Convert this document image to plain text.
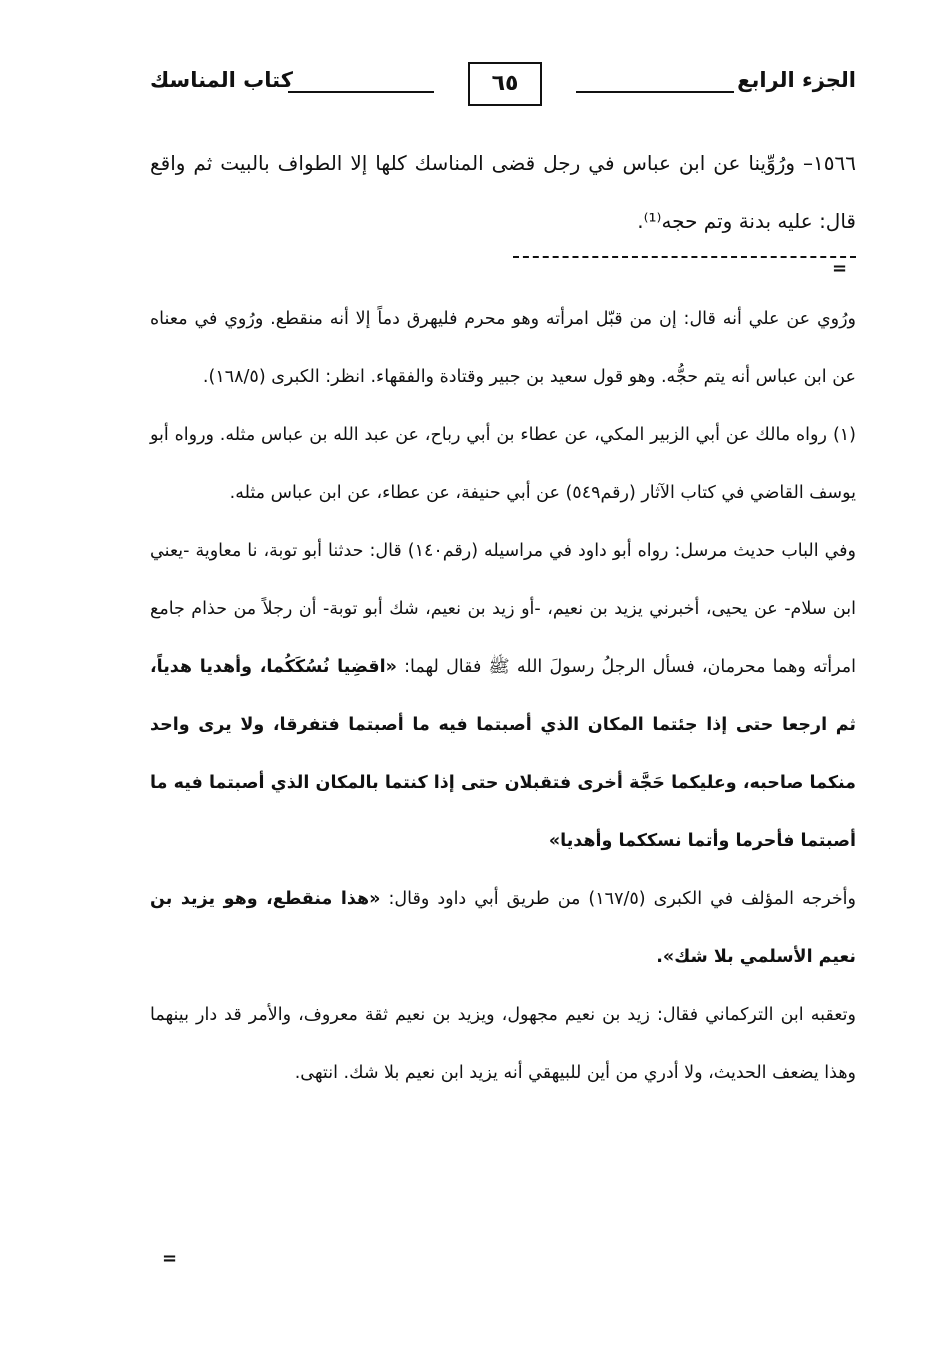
الجزء الرابع
٦٥
كتاب المناسك

١٥٦٦– ورُوِّينا عن ابن عباس في رجل قضى المناسك كلها إلا الطواف بالبيت ثم واقع قال: عليه بدنة وتم حجه⁽¹⁾.

=

ورُوي عن علي أنه قال: إن من قبّل امرأته وهو محرم فليهرق دماً إلا أنه منقطع. ورُوي في معناه عن ابن عباس أنه يتم حجُّه. وهو قول سعيد بن جبير وقتادة والفقهاء. انظر: الكبرى (١٦٨/٥).

(١)رواه مالك عن أبي الزبير المكي، عن عطاء بن أبي رباح، عن عبد الله بن عباس مثله. ورواه أبو يوسف القاضي في كتاب الآثار (رقم٥٤٩) عن أبي حنيفة، عن عطاء، عن ابن عباس مثله.

وفي الباب حديث مرسل: رواه أبو داود في مراسيله (رقم١٤٠) قال: حدثنا أبو توبة، نا معاوية -يعني ابن سلام- عن يحيى، أخبرني يزيد بن نعيم، -أو زيد بن نعيم، شك أبو توبة- أن رجلاً من حذام جامع امرأته وهما محرمان، فسأل الرجلُ رسولَ الله ﷺ فقال لهما: «اقضِيا نُسُكَكُما، وأهديا هدياً، ثم ارجعا حتى إذا جئتما المكان الذي أصبتما فيه ما أصبتما فتفرقا، ولا يرى واحد منكما صاحبه، وعليكما حَجَّة أخرى فتقبلان حتى إذا كنتما بالمكان الذي أصبتما فيه ما أصبتما فأحرما وأتما نسككما وأهديا»

وأخرجه المؤلف في الكبرى (١٦٧/٥) من طريق أبي داود وقال: «هذا منقطع، وهو يزيد بن نعيم الأسلمي بلا شك».

وتعقبه ابن التركماني فقال: زيد بن نعيم مجهول، ويزيد بن نعيم ثقة معروف، والأمر قد دار بينهما وهذا يضعف الحديث، ولا أدري من أين للبيهقي أنه يزيد ابن نعيم بلا شك. انتهى.

=
